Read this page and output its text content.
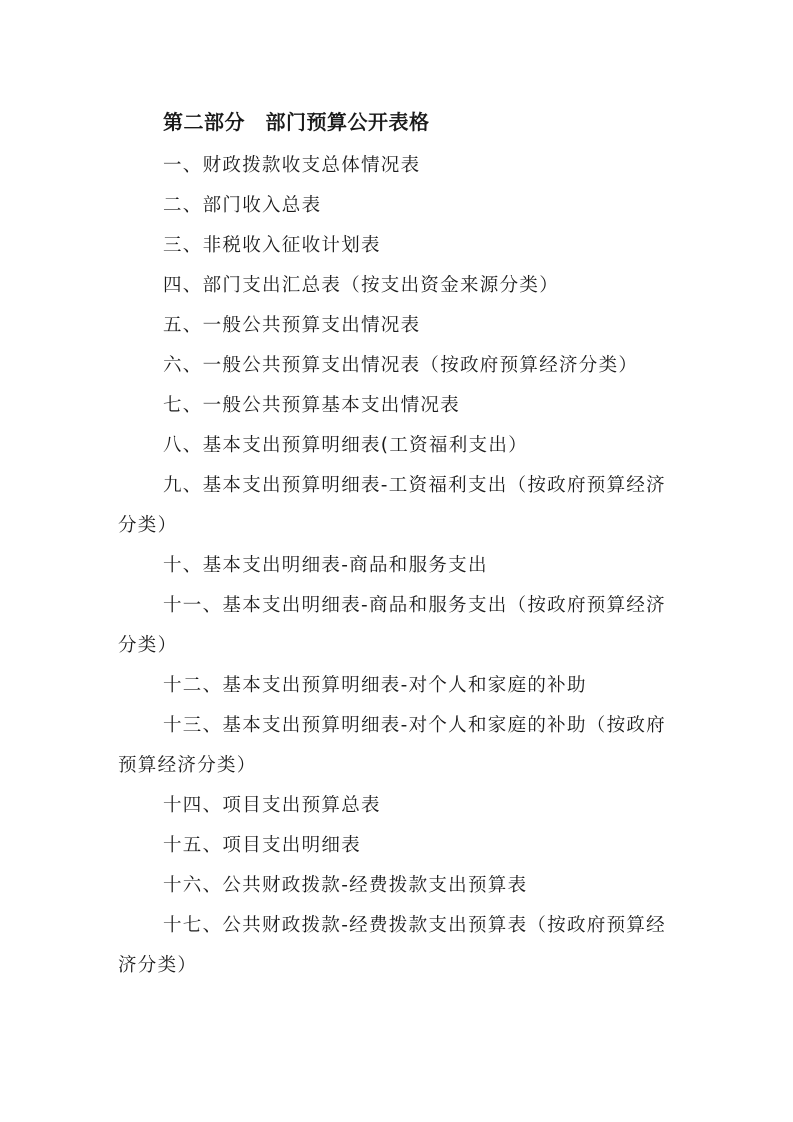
第二部分　部门预算公开表格
一、财政拨款收支总体情况表
二、部门收入总表
三、非税收入征收计划表
四、部门支出汇总表（按支出资金来源分类）
五、一般公共预算支出情况表
六、一般公共预算支出情况表（按政府预算经济分类）
七、一般公共预算基本支出情况表
八、基本支出预算明细表(工资福利支出）
九、基本支出预算明细表-工资福利支出（按政府预算经济分类）
十、基本支出明细表-商品和服务支出
十一、基本支出明细表-商品和服务支出（按政府预算经济分类）
十二、基本支出预算明细表-对个人和家庭的补助
十三、基本支出预算明细表-对个人和家庭的补助（按政府预算经济分类）
十四、项目支出预算总表
十五、项目支出明细表
十六、公共财政拨款-经费拨款支出预算表
十七、公共财政拨款-经费拨款支出预算表（按政府预算经济分类）
